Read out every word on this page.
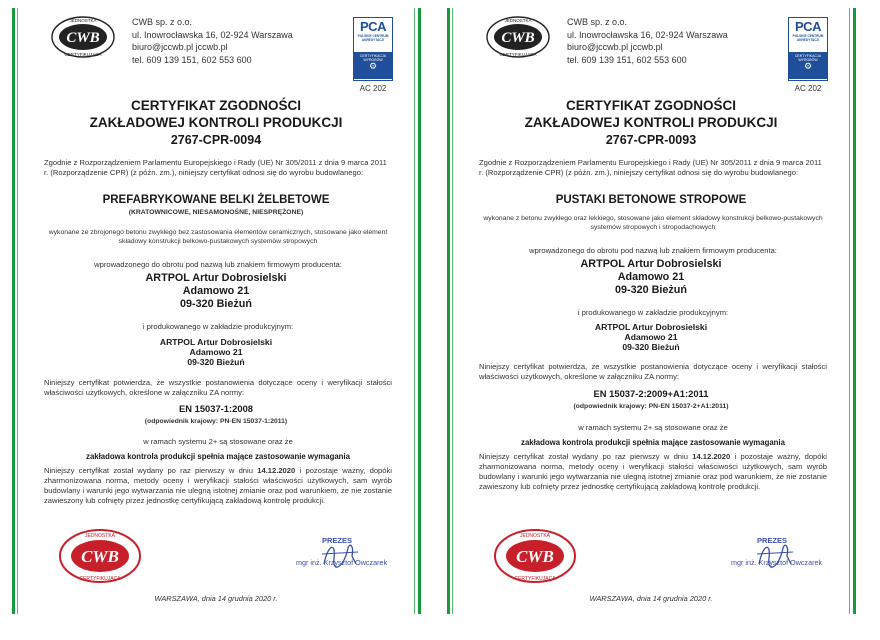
CWB
JEDNOSTKA
CERTYFIKUJĄCA
CWB sp. z o.o.
ul. Inowrocławska 16, 02-924 Warszawa
biuro@jccwb.pl jccwb.pl
tel. 609 139 151, 602 553 600
PCA
POLSKIE CENTRUM AKREDYTACJI
CERTYFIKACJA WYROBÓW
⚙
AC 202
CERTYFIKAT ZGODNOŚCI
ZAKŁADOWEJ KONTROLI PRODUKCJI
2767-CPR-0094
Zgodnie z Rozporządzeniem Parlamentu Europejskiego i Rady (UE) Nr 305/2011 z dnia 9 marca 2011 r. (Rozporządzenie CPR) (z późn. zm.), niniejszy certyfikat odnosi się do wyrobu budowlanego:
PREFABRYKOWANE BELKI ŻELBETOWE
(KRATOWNICOWE, NIESAMONOŚNE, NIESPRĘŻONE)
wykonane ze zbrojonego betonu zwykłego bez zastosowania elementów ceramicznych, stosowane jako element składowy konstrukcji belkowo-pustakowych systemów stropowych
wprowadzonego do obrotu pod nazwą lub znakiem firmowym producenta:
ARTPOL Artur Dobrosielski
Adamowo 21
09-320 Bieżuń
i produkowanego w zakładzie produkcyjnym:
ARTPOL Artur Dobrosielski
Adamowo 21
09-320 Bieżuń
Niniejszy certyfikat potwierdza, że wszystkie postanowienia dotyczące oceny i weryfikacji stałości właściwości użytkowych, określone w załączniku ZA normy:
EN 15037-1:2008
(odpowiednik krajowy: PN-EN 15037-1:2011)
w ramach systemu 2+ są stosowane oraz że
zakładowa kontrola produkcji spełnia mające zastosowanie wymagania
Niniejszy certyfikat został wydany po raz pierwszy w dniu 14.12.2020 i pozostaje ważny, dopóki zharmonizowana norma, metody oceny i weryfikacji stałości właściwości użytkowych, sam wyrób budowlany i warunki jego wytwarzania nie ulegną istotnej zmianie oraz pod warunkiem, że nie zostanie zawieszony lub cofnięty przez jednostkę certyfikującą zakładową kontrolę produkcji.
CWB
JEDNOSTKA
CERTYFIKUJĄCA
PREZES
mgr inż. Krzysztof Owczarek
WARSZAWA, dnia 14 grudnia 2020 r.
CWB
JEDNOSTKA
CERTYFIKUJĄCA
CWB sp. z o.o.
ul. Inowrocławska 16, 02-924 Warszawa
biuro@jccwb.pl jccwb.pl
tel. 609 139 151, 602 553 600
PCA
POLSKIE CENTRUM AKREDYTACJI
CERTYFIKACJA WYROBÓW
⚙
AC 202
CERTYFIKAT ZGODNOŚCI
ZAKŁADOWEJ KONTROLI PRODUKCJI
2767-CPR-0093
Zgodnie z Rozporządzeniem Parlamentu Europejskiego i Rady (UE) Nr 305/2011 z dnia 9 marca 2011 r. (Rozporządzenie CPR) (z późn. zm.), niniejszy certyfikat odnosi się do wyrobu budowlanego:
PUSTAKI BETONOWE STROPOWE
wykonane z betonu zwykłego oraz lekkiego, stosowane jako element składowy konstrukcji belkowo-pustakowych systemów stropowych i stropodachowych
wprowadzonego do obrotu pod nazwą lub znakiem firmowym producenta:
ARTPOL Artur Dobrosielski
Adamowo 21
09-320 Bieżuń
i produkowanego w zakładzie produkcyjnym:
ARTPOL Artur Dobrosielski
Adamowo 21
09-320 Bieżuń
Niniejszy certyfikat potwierdza, że wszystkie postanowienia dotyczące oceny i weryfikacji stałości właściwości użytkowych, określone w załączniku ZA normy:
EN 15037-2:2009+A1:2011
(odpowiednik krajowy: PN-EN 15037-2+A1:2011)
w ramach systemu 2+ są stosowane oraz że
zakładowa kontrola produkcji spełnia mające zastosowanie wymagania
Niniejszy certyfikat został wydany po raz pierwszy w dniu 14.12.2020 i pozostaje ważny, dopóki zharmonizowana norma, metody oceny i weryfikacji stałości właściwości użytkowych, sam wyrób budowlany i warunki jego wytwarzania nie ulegną istotnej zmianie oraz pod warunkiem, że nie zostanie zawieszony lub cofnięty przez jednostkę certyfikującą zakładową kontrolę produkcji.
CWB
JEDNOSTKA
CERTYFIKUJĄCA
PREZES
mgr inż. Krzysztof Owczarek
WARSZAWA, dnia 14 grudnia 2020 r.
